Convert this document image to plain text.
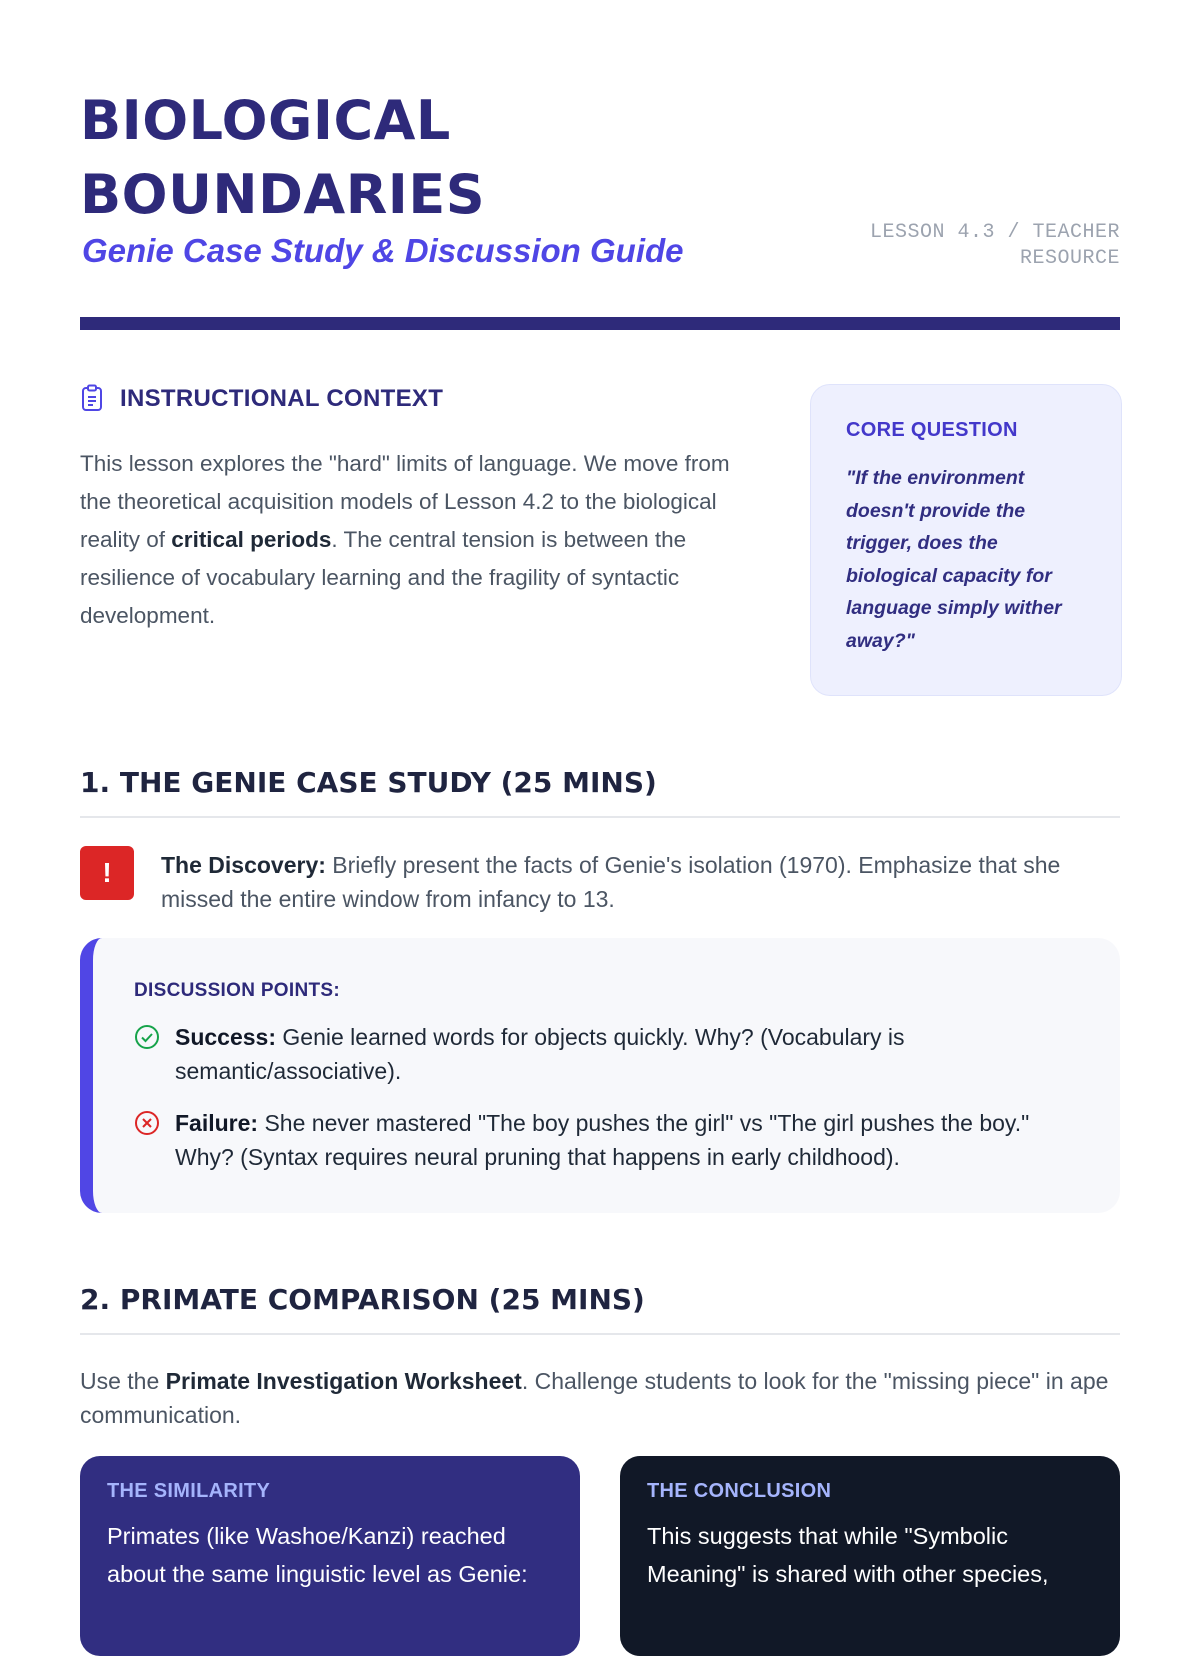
BIOLOGICAL
BOUNDARIES
Genie Case Study & Discussion Guide	LESSON 4.3 / TEACHER
RESOURCE
INSTRUCTIONAL CONTEXT

This lesson explores the "hard" limits of language. We move from the theoretical acquisition models of Lesson 4.2 to the biological reality of critical periods. The central tension is between the resilience of vocabulary learning and the fragility of syntactic development.

CORE QUESTION

"If the environment doesn't provide the trigger, does the biological capacity for language simply wither away?"

1. THE GENIE CASE STUDY (25 MINS)
!	The Discovery: Briefly present the facts of Genie's isolation (1970). Emphasize that she missed the entire window from infancy to 13.

DISCUSSION POINTS:

Success: Genie learned words for objects quickly. Why? (Vocabulary is semantic/associative).
Failure: She never mastered "The boy pushes the girl" vs "The girl pushes the boy." Why? (Syntax requires neural pruning that happens in early childhood).
2. PRIMATE COMPARISON (25 MINS)

Use the Primate Investigation Worksheet. Challenge students to look for the "missing piece" in ape communication.

THE SIMILARITY

Primates (like Washoe/Kanzi) reached about the same linguistic level as Genie:

THE CONCLUSION

This suggests that while "Symbolic Meaning" is shared with other species,
